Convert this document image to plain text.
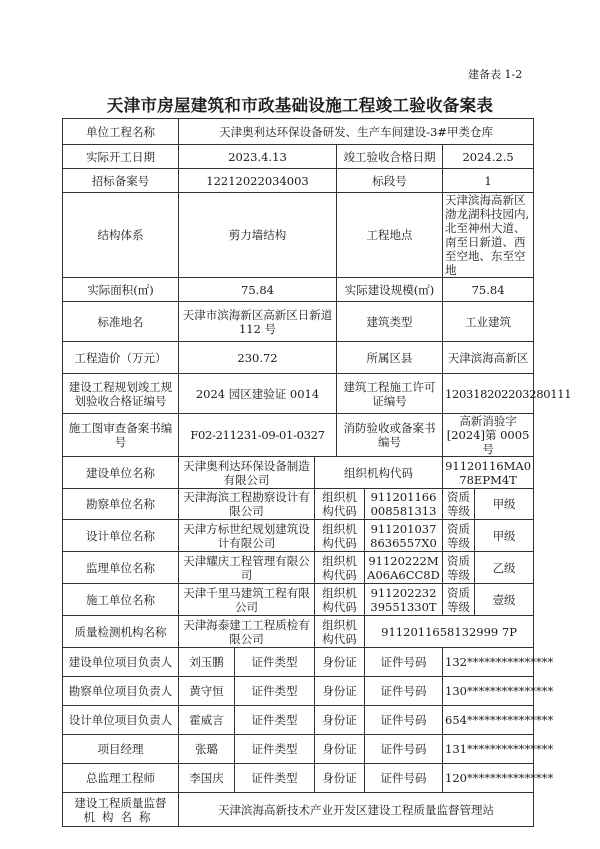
建备表 1-2
天津市房屋建筑和市政基础设施工程竣工验收备案表
单位工程名称	天津奥利达环保设备研发、生产车间建设-3#甲类仓库						
实际开工日期	2023.4.13			竣工验收合格日期		2024.2.5	
招标备案号	12212022034003			标段号		1	
结构体系	剪力墙结构			工程地点		天津滨海高新区渤龙湖科技园内,北至神州大道、南至日新道、西至空地、东至空地	
实际面积(㎡)	75.84			实际建设规模(㎡)		75.84	
标准地名	天津市滨海新区高新区日新道 112 号			建筑类型		工业建筑	
工程造价（万元）	230.72			所属区县		天津滨海高新区	
建设工程规划竣工规划验收合格证编号	2024 园区建验证 0014			建筑工程施工许可证编号		120318202203280111	
施工图审查备案书编号	F02-211231-09-01-0327			消防验收或备案书编号		高新消验字[2024]第 0005 号	
建设单位名称	天津奥利达环保设备制造有限公司		组织机构代码			91120116MA078EPM4T	
勘察单位名称	天津海滨工程勘察设计有限公司		组织机构代码		911201166008581313	资质等级	甲级
设计单位名称	天津方标世纪规划建筑设计有限公司		组织机构代码		9112010378636557X0	资质等级	甲级
监理单位名称	天津耀庆工程管理有限公司		组织机构代码		91120222MA06A6CC8D	资质等级	乙级
施工单位名称	天津千里马建筑工程有限公司		组织机构代码		91120223239551330T	资质等级	壹级
质量检测机构名称	天津海泰建工工程质检有限公司		组织机构代码		9112011658132999 7P		
建设单位项目负责人	刘玉鹏	证件类型	身份证		证件号码	132***************	
勘察单位项目负责人	黄守恒	证件类型	身份证		证件号码	130***************	
设计单位项目负责人	霍威言	证件类型	身份证		证件号码	654***************	
项目经理	张璐	证件类型	身份证		证件号码	131***************	
总监理工程师	李国庆	证件类型	身份证		证件号码	120***************	

建设工程质量监督
机构名称	天津滨海高新技术产业开发区建设工程质量监督管理站						
